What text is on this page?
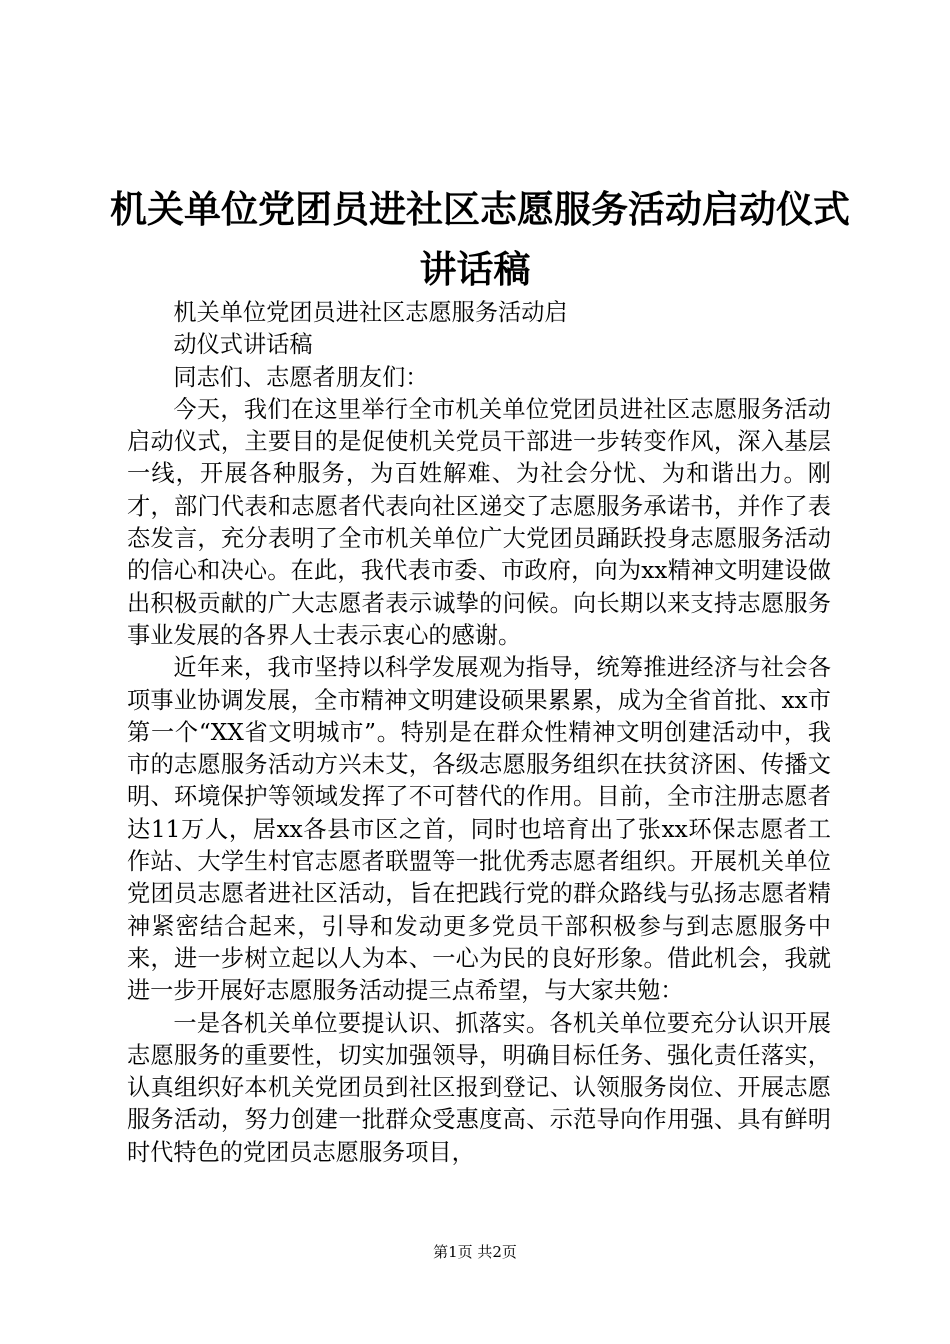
机关单位党团员进社区志愿服务活动启动仪式
讲话稿

机关单位党团员进社区志愿服务活动启

动仪式讲话稿

同志们、志愿者朋友们：

今天，我们在这里举行全市机关单位党团员进社区志愿服务活动启动仪式，主要目的是促使机关党员干部进一步转变作风，深入基层一线，开展各种服务，为百姓解难、为社会分忧、为和谐出力。刚才，部门代表和志愿者代表向社区递交了志愿服务承诺书，并作了表态发言，充分表明了全市机关单位广大党团员踊跃投身志愿服务活动的信心和决心。在此，我代表市委、市政府，向为xx精神文明建设做出积极贡献的广大志愿者表示诚挚的问候。向长期以来支持志愿服务事业发展的各界人士表示衷心的感谢。

近年来，我市坚持以科学发展观为指导，统筹推进经济与社会各项事业协调发展，全市精神文明建设硕果累累，成为全省首批、xx市第一个“XX省文明城市”。特别是在群众性精神文明创建活动中，我市的志愿服务活动方兴未艾，各级志愿服务组织在扶贫济困、传播文明、环境保护等领域发挥了不可替代的作用。目前，全市注册志愿者达11万人，居xx各县市区之首，同时也培育出了张xx环保志愿者工作站、大学生村官志愿者联盟等一批优秀志愿者组织。开展机关单位党团员志愿者进社区活动，旨在把践行党的群众路线与弘扬志愿者精神紧密结合起来，引导和发动更多党员干部积极参与到志愿服务中来，进一步树立起以人为本、一心为民的良好形象。借此机会，我就进一步开展好志愿服务活动提三点希望，与大家共勉：

一是各机关单位要提认识、抓落实。各机关单位要充分认识开展志愿服务的重要性，切实加强领导，明确目标任务、强化责任落实，认真组织好本机关党团员到社区报到登记、认领服务岗位、开展志愿服务活动，努力创建一批群众受惠度高、示范导向作用强、具有鲜明时代特色的党团员志愿服务项目，

第1页 共2页
